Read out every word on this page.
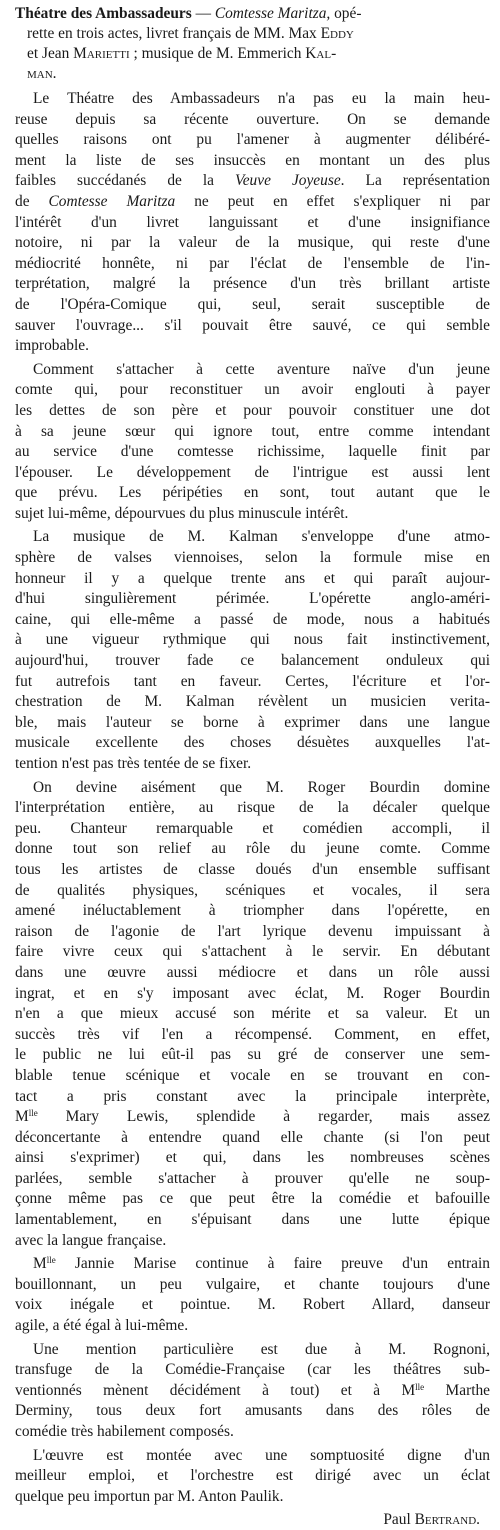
Théatre des Ambassadeurs — Comtesse Maritza, opé-
rette en trois actes, livret français de MM. Max Eddy
et Jean Marietti ; musique de M. Emmerich Kal-
man.
Le Théatre des Ambassadeurs n'a pas eu la main heu-
reuse depuis sa récente ouverture. On se demande
quelles raisons ont pu l'amener à augmenter délibéré-
ment la liste de ses insuccès en montant un des plus
faibles succédanés de la Veuve Joyeuse. La représentation
de Comtesse Maritza ne peut en effet s'expliquer ni par
l'intérêt d'un livret languissant et d'une insignifiance
notoire, ni par la valeur de la musique, qui reste d'une
médiocrité honnête, ni par l'éclat de l'ensemble de l'in-
terprétation, malgré la présence d'un très brillant artiste
de l'Opéra-Comique qui, seul, serait susceptible de
sauver l'ouvrage... s'il pouvait être sauvé, ce qui semble
improbable.
Comment s'attacher à cette aventure naïve d'un jeune
comte qui, pour reconstituer un avoir englouti à payer
les dettes de son père et pour pouvoir constituer une dot
à sa jeune sœur qui ignore tout, entre comme intendant
au service d'une comtesse richissime, laquelle finit par
l'épouser. Le développement de l'intrigue est aussi lent
que prévu. Les péripéties en sont, tout autant que le
sujet lui-même, dépourvues du plus minuscule intérêt.
La musique de M. Kalman s'enveloppe d'une atmo-
sphère de valses viennoises, selon la formule mise en
honneur il y a quelque trente ans et qui paraît aujour-
d'hui singulièrement périmée. L'opérette anglo-améri-
caine, qui elle-même a passé de mode, nous a habitués
à une vigueur rythmique qui nous fait instinctivement,
aujourd'hui, trouver fade ce balancement onduleux qui
fut autrefois tant en faveur. Certes, l'écriture et l'or-
chestration de M. Kalman révèlent un musicien verita-
ble, mais l'auteur se borne à exprimer dans une langue
musicale excellente des choses désuètes auxquelles l'at-
tention n'est pas très tentée de se fixer.
On devine aisément que M. Roger Bourdin domine
l'interprétation entière, au risque de la décaler quelque
peu. Chanteur remarquable et comédien accompli, il
donne tout son relief au rôle du jeune comte. Comme
tous les artistes de classe doués d'un ensemble suffisant
de qualités physiques, scéniques et vocales, il sera
amené inéluctablement à triompher dans l'opérette, en
raison de l'agonie de l'art lyrique devenu impuissant à
faire vivre ceux qui s'attachent à le servir. En débutant
dans une œuvre aussi médiocre et dans un rôle aussi
ingrat, et en s'y imposant avec éclat, M. Roger Bourdin
n'en a que mieux accusé son mérite et sa valeur. Et un
succès très vif l'en a récompensé. Comment, en effet,
le public ne lui eût-il pas su gré de conserver une sem-
blable tenue scénique et vocale en se trouvant en con-
tact a pris constant avec la principale interprète,
$M^{lle}$ Mary Lewis, splendide à regarder, mais assez
déconcertante à entendre quand elle chante (si l'on peut
ainsi s'exprimer) et qui, dans les nombreuses scènes
parlées, semble s'attacher à prouver qu'elle ne soup-
çonne même pas ce que peut être la comédie et bafouille
lamentablement, en s'épuisant dans une lutte épique
avec la langue française.
$M^{lle}$ Jannie Marise continue à faire preuve d'un entrain
bouillonnant, un peu vulgaire, et chante toujours d'une
voix inégale et pointue. M. Robert Allard, danseur
agile, a été égal à lui-même.
Une mention particulière est due à M. Rognoni,
transfuge de la Comédie-Française (car les théâtres sub-
ventionnés mènent décidément à tout) et à $M^{lle}$ Marthe
Derminy, tous deux fort amusants dans des rôles de
comédie très habilement composés.
L'œuvre est montée avec une somptuosité digne d'un
meilleur emploi, et l'orchestre est dirigé avec un éclat
quelque peu importun par M. Anton Paulik.
Paul Bertrand.
